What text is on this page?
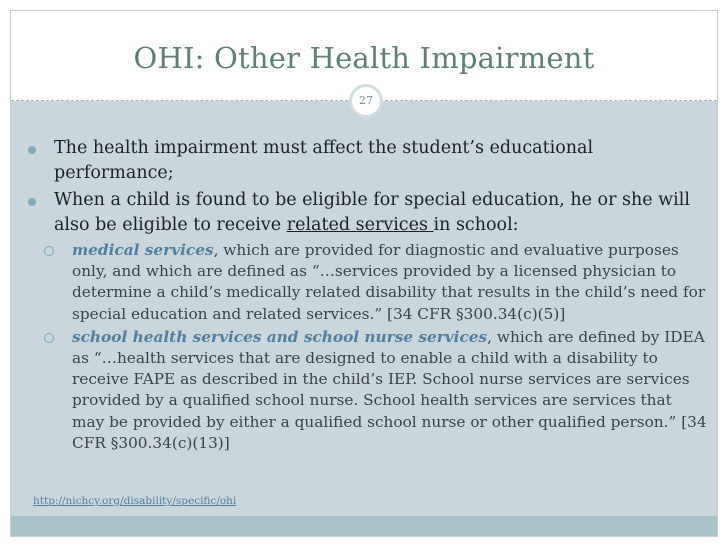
OHI: Other Health Impairment
The health impairment must affect the student’s educational performance;
When a child is found to be eligible for special education, he or she will also be eligible to receive related services in school:
medical services, which are provided for diagnostic and evaluative purposes only, and which are defined as “…services provided by a licensed physician to determine a child’s medically related disability that results in the child’s need for special education and related services.” [34 CFR §300.34(c)(5)]
school health services and school nurse services, which are defined by IDEA as “…health services that are designed to enable a child with a disability to receive FAPE as described in the child’s IEP. School nurse services are services provided by a qualified school nurse. School health services are services that may be provided by either a qualified school nurse or other qualified person.” [34 CFR §300.34(c)(13)]
27
http://nichcy.org/disability/specific/ohi
